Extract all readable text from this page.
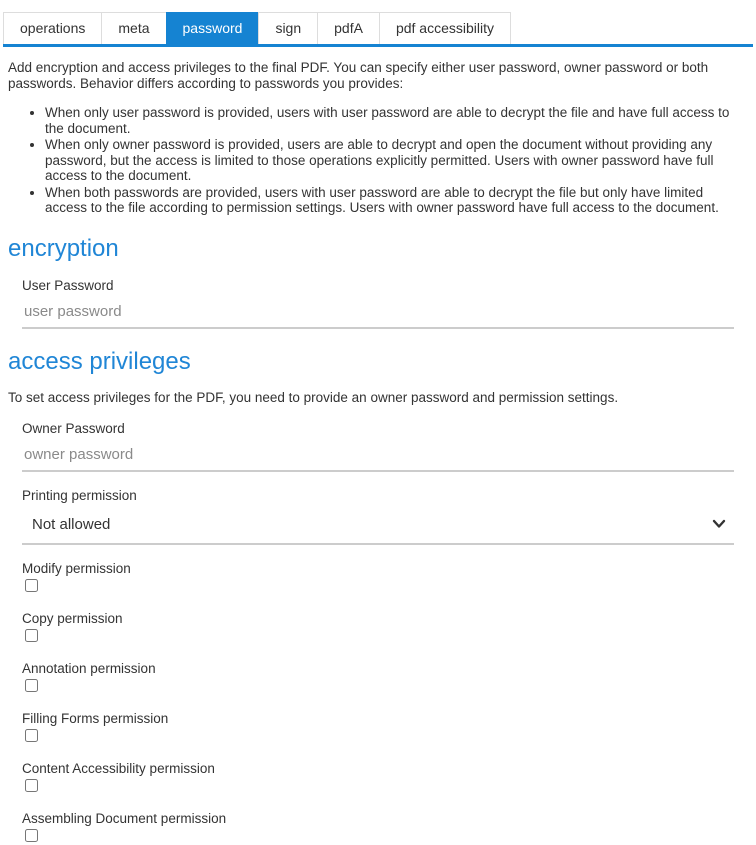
operations	meta	password	sign	pdfA	pdf accessibility

Add encryption and access privileges to the final PDF. You can specify either user password, owner password or both passwords. Behavior differs according to passwords you provides:

• When only user password is provided, users with user password are able to decrypt the file and have full access to the document.
• When only owner password is provided, users are able to decrypt and open the document without providing any password, but the access is limited to those operations explicitly permitted. Users with owner password have full access to the document.
• When both passwords are provided, users with user password are able to decrypt the file but only have limited access to the file according to permission settings. Users with owner password have full access to the document.
encryption
User Password
access privileges

To set access privileges for the PDF, you need to provide an owner password and permission settings.

Owner Password
Printing permission
Not allowed
Modify permission
Copy permission
Annotation permission
Filling Forms permission
Content Accessibility permission
Assembling Document permission
